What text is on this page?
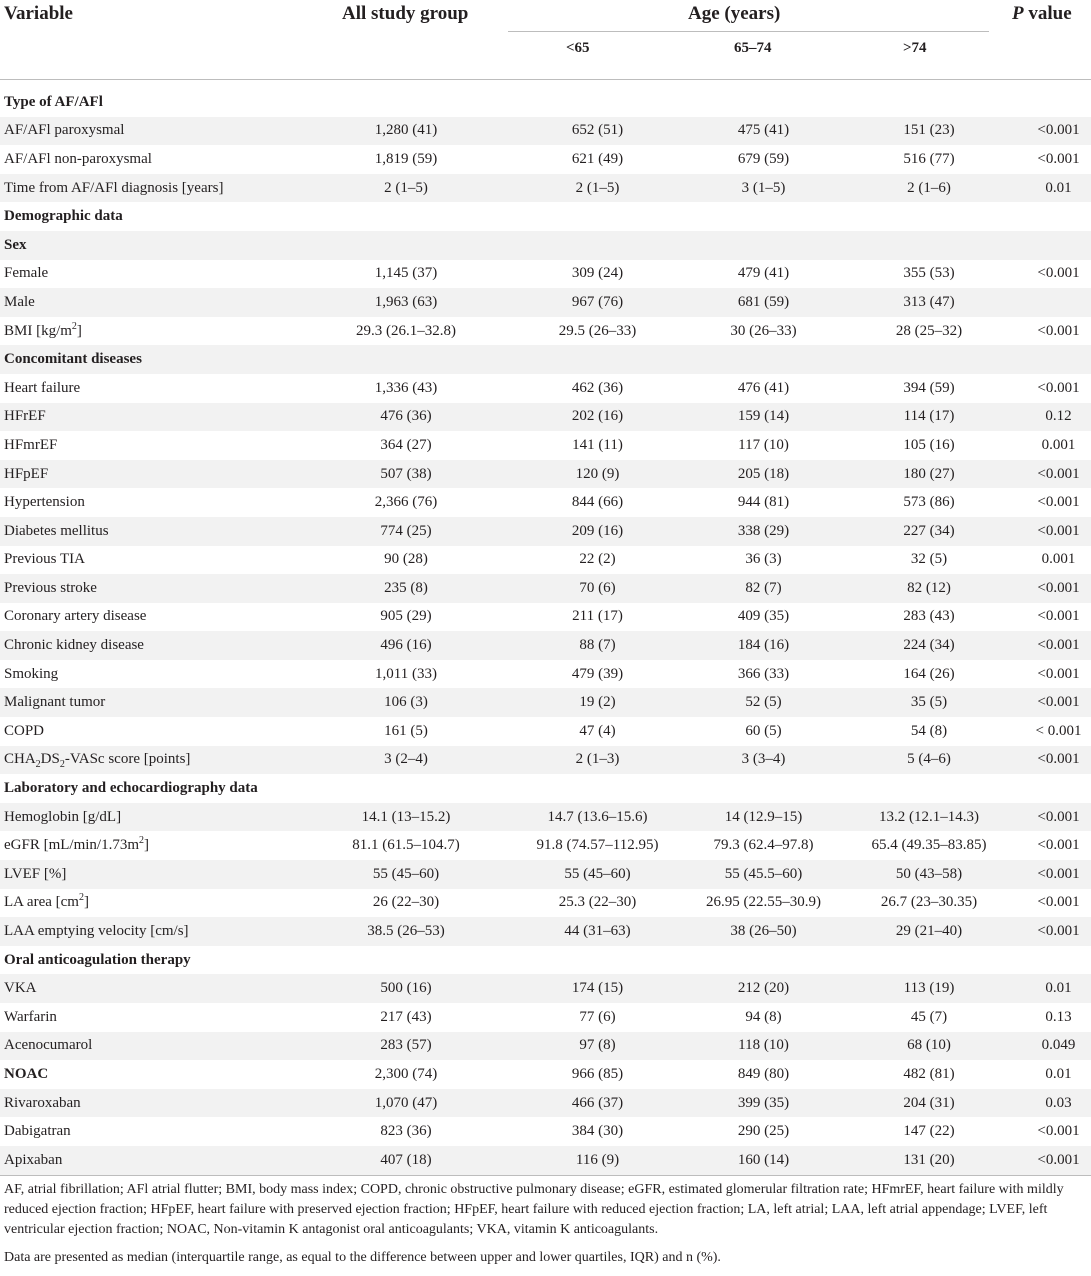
Variable	All study group	Age (years)	P value
<65	65–74	>74
Type of AF/AFl					
AF/AFl paroxysmal	1,280 (41)	652 (51)	475 (41)	151 (23)	<0.001
AF/AFl non-paroxysmal	1,819 (59)	621 (49)	679 (59)	516 (77)	<0.001
Time from AF/AFl diagnosis [years]	2 (1–5)	2 (1–5)	3 (1–5)	2 (1–6)	0.01
Demographic data					
Sex					
Female	1,145 (37)	309 (24)	479 (41)	355 (53)	<0.001
Male	1,963 (63)	967 (76)	681 (59)	313 (47)	
BMI $[kg/m^2]$	29.3 (26.1–32.8)	29.5 (26–33)	30 (26–33)	28 (25–32)	<0.001
Concomitant diseases					
Heart failure	1,336 (43)	462 (36)	476 (41)	394 (59)	<0.001
HFrEF	476 (36)	202 (16)	159 (14)	114 (17)	0.12
HFmrEF	364 (27)	141 (11)	117 (10)	105 (16)	0.001
HFpEF	507 (38)	120 (9)	205 (18)	180 (27)	<0.001
Hypertension	2,366 (76)	844 (66)	944 (81)	573 (86)	<0.001
Diabetes mellitus	774 (25)	209 (16)	338 (29)	227 (34)	<0.001
Previous TIA	90 (28)	22 (2)	36 (3)	32 (5)	0.001
Previous stroke	235 (8)	70 (6)	82 (7)	82 (12)	<0.001
Coronary artery disease	905 (29)	211 (17)	409 (35)	283 (43)	<0.001
Chronic kidney disease	496 (16)	88 (7)	184 (16)	224 (34)	<0.001
Smoking	1,011 (33)	479 (39)	366 (33)	164 (26)	<0.001
Malignant tumor	106 (3)	19 (2)	52 (5)	35 (5)	<0.001
COPD	161 (5)	47 (4)	60 (5)	54 (8)	< 0.001
$CHA_2DS_2$-VASc score [points]	3 (2–4)	2 (1–3)	3 (3–4)	5 (4–6)	<0.001
Laboratory and echocardiography data					
Hemoglobin [g/dL]	14.1 (13–15.2)	14.7 (13.6–15.6)	14 (12.9–15)	13.2 (12.1–14.3)	<0.001
eGFR $[mL/\min/1.73m^2]$	81.1 (61.5–104.7)	91.8 (74.57–112.95)	79.3 (62.4–97.8)	65.4 (49.35–83.85)	<0.001
LVEF [%]	55 (45–60)	55 (45–60)	55 (45.5–60)	50 (43–58)	<0.001
LA area $[cm^2]$	26 (22–30)	25.3 (22–30)	26.95 (22.55–30.9)	26.7 (23–30.35)	<0.001
LAA emptying velocity [cm/s]	38.5 (26–53)	44 (31–63)	38 (26–50)	29 (21–40)	<0.001
Oral anticoagulation therapy					
VKA	500 (16)	174 (15)	212 (20)	113 (19)	0.01
Warfarin	217 (43)	77 (6)	94 (8)	45 (7)	0.13
Acenocumarol	283 (57)	97 (8)	118 (10)	68 (10)	0.049
NOAC	2,300 (74)	966 (85)	849 (80)	482 (81)	0.01
Rivaroxaban	1,070 (47)	466 (37)	399 (35)	204 (31)	0.03
Dabigatran	823 (36)	384 (30)	290 (25)	147 (22)	<0.001
Apixaban	407 (18)	116 (9)	160 (14)	131 (20)	<0.001
AF, atrial fibrillation; AFl atrial flutter; BMI, body mass index; COPD, chronic obstructive pulmonary disease; eGFR, estimated glomerular filtration rate; HFmrEF, heart failure with mildly reduced ejection fraction; HFpEF, heart failure with preserved ejection fraction; HFpEF, heart failure with reduced ejection fraction; LA, left atrial; LAA, left atrial appendage; LVEF, left ventricular ejection fraction; NOAC, Non-vitamin K antagonist oral anticoagulants; VKA, vitamin K anticoagulants.
Data are presented as median (interquartile range, as equal to the difference between upper and lower quartiles, IQR) and n (%).
